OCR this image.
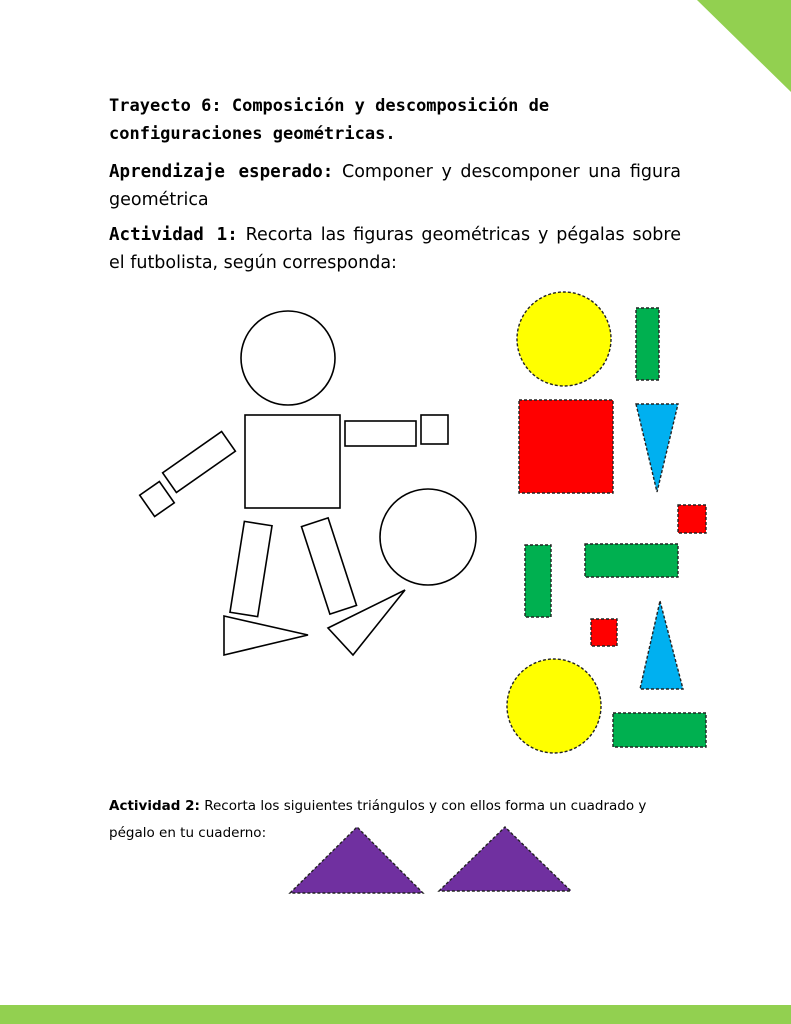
Trayecto 6: Composición y descomposición de configuraciones geométricas.
Aprendizaje esperado: Componer y descomponer una figura geométrica
Actividad 1: Recorta las figuras geométricas y pégalas sobre el futbolista, según corresponda:
Actividad 2: Recorta los siguientes triángulos y con ellos forma un cuadrado y pégalo en tu cuaderno:
